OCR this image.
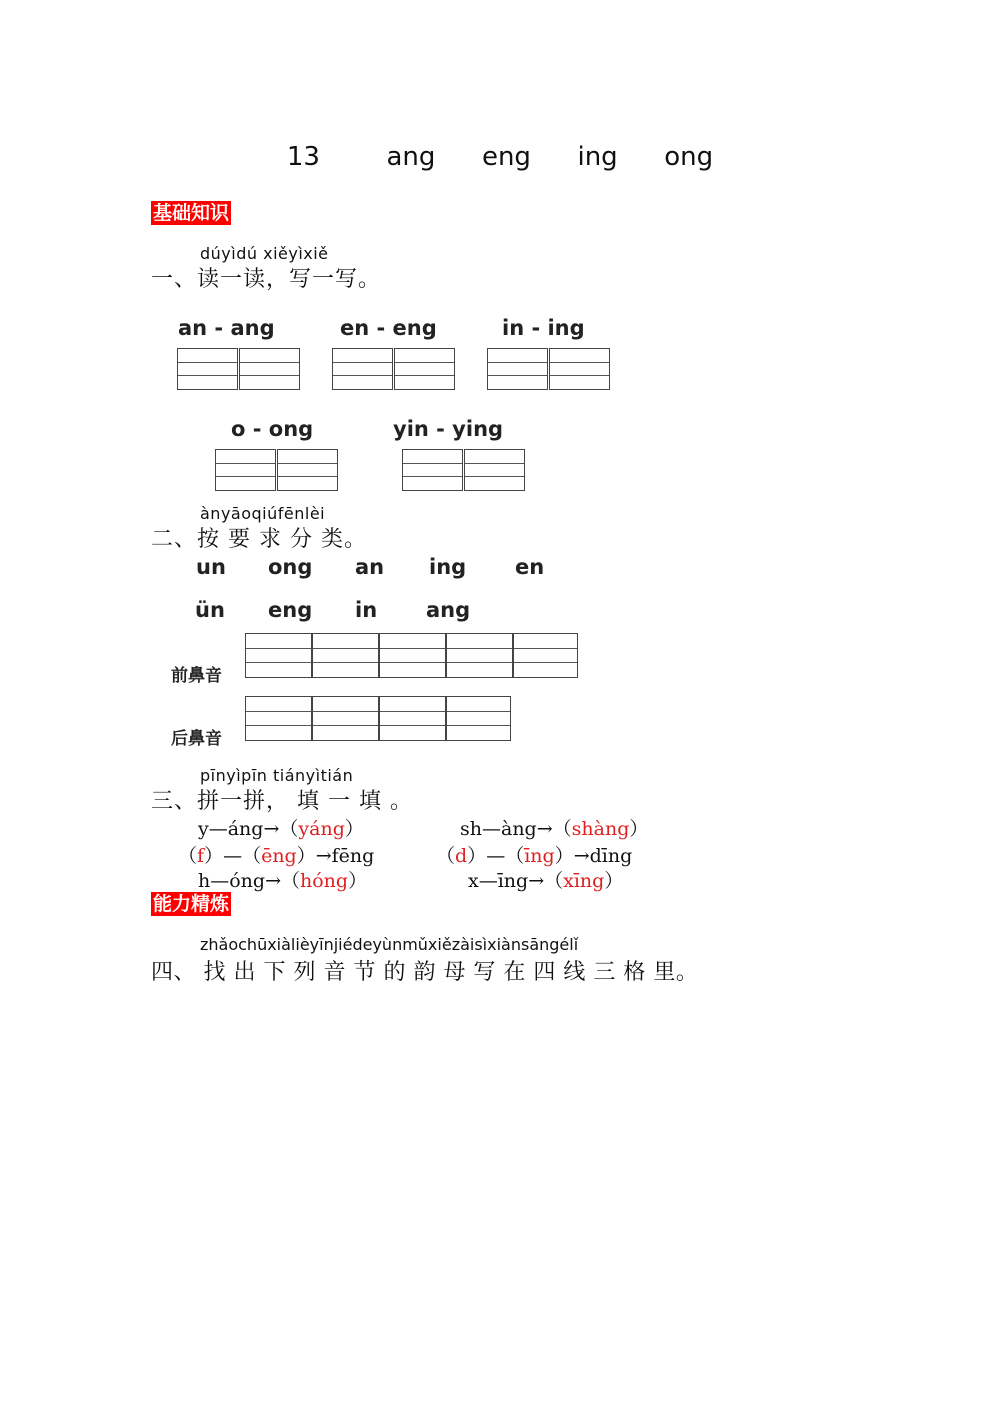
13	ang eng ing ong
基础知识
dúyìdú xiěyìxiě
一、读一读，写一写。
an - ang	en - eng	in - ing
o - ong	yin - ying
ànyāoqiúfēnlèi
二、按 要 求 分 类。
un ong an ing en
ün eng in ang
前鼻音
后鼻音
pīnyìpīn tiányìtián
三、拼一拼， 填 一 填 。
y—áng→（yáng）	sh—àng→（shàng）
（f）—（ēng）→fēng	（d）—（īng）→dīng
h—óng→（hóng）	x—īng→（xīng）
能力精炼
zhǎochūxiàlièyīnjiédeyùnmǔxiězàisìxiànsāngélǐ
四、 找 出 下 列 音 节 的 韵 母 写 在 四 线 三 格 里。
